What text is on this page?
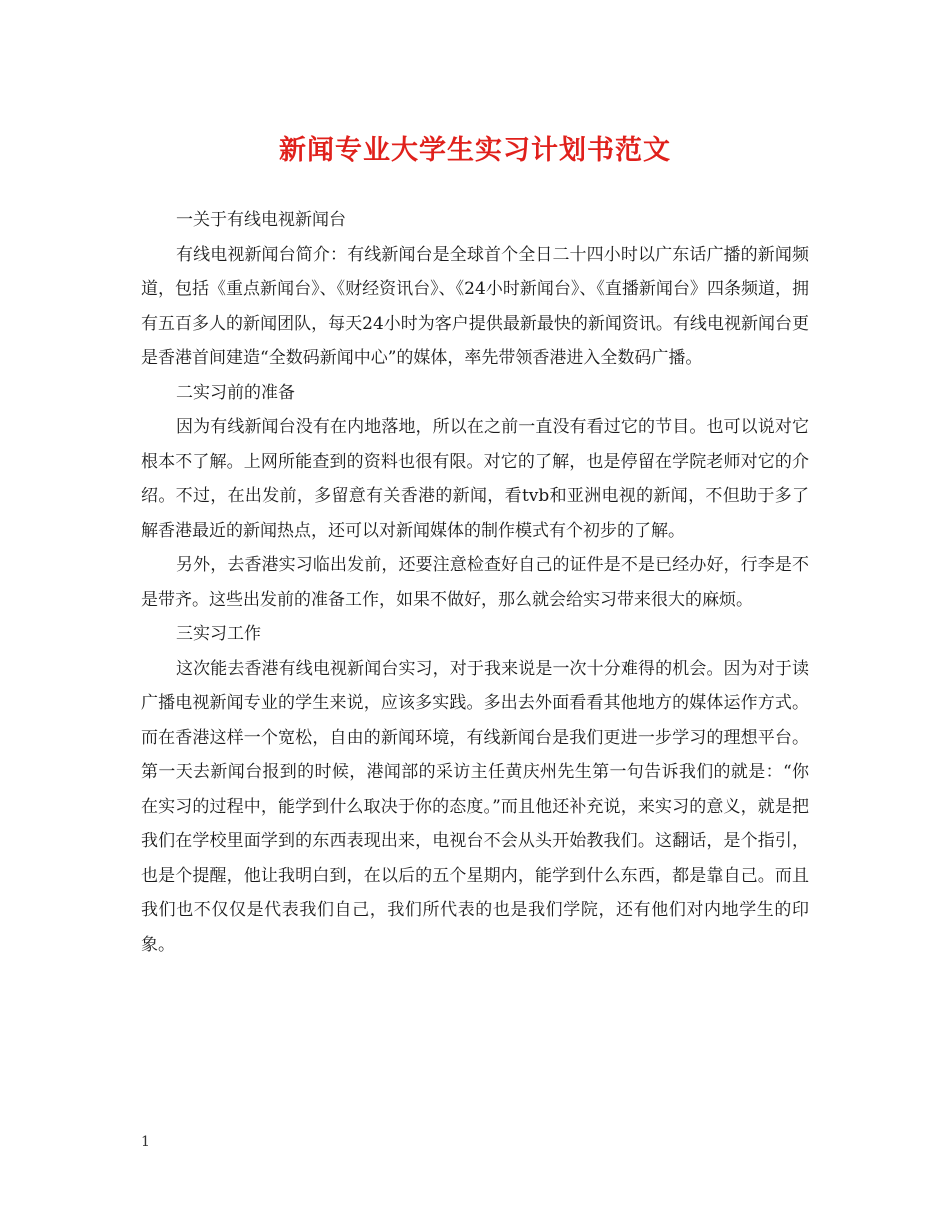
新闻专业大学生实习计划书范文

一关于有线电视新闻台

有线电视新闻台简介：有线新闻台是全球首个全日二十四小时以广东话广播的新闻频道，包括《重点新闻台》、《财经资讯台》、《24小时新闻台》、《直播新闻台》四条频道，拥有五百多人的新闻团队，每天24小时为客户提供最新最快的新闻资讯。有线电视新闻台更是香港首间建造“全数码新闻中心”的媒体，率先带领香港进入全数码广播。

二实习前的准备

因为有线新闻台没有在内地落地，所以在之前一直没有看过它的节目。也可以说对它根本不了解。上网所能查到的资料也很有限。对它的了解，也是停留在学院老师对它的介绍。不过，在出发前，多留意有关香港的新闻，看tvb和亚洲电视的新闻，不但助于多了解香港最近的新闻热点，还可以对新闻媒体的制作模式有个初步的了解。

另外，去香港实习临出发前，还要注意检查好自己的证件是不是已经办好，行李是不是带齐。这些出发前的准备工作，如果不做好，那么就会给实习带来很大的麻烦。

三实习工作

这次能去香港有线电视新闻台实习，对于我来说是一次十分难得的机会。因为对于读广播电视新闻专业的学生来说，应该多实践。多出去外面看看其他地方的媒体运作方式。而在香港这样一个宽松，自由的新闻环境，有线新闻台是我们更进一步学习的理想平台。第一天去新闻台报到的时候，港闻部的采访主任黄庆州先生第一句告诉我们的就是：“你在实习的过程中，能学到什么取决于你的态度。”而且他还补充说，来实习的意义，就是把我们在学校里面学到的东西表现出来，电视台不会从头开始教我们。这翻话，是个指引，也是个提醒，他让我明白到，在以后的五个星期内，能学到什么东西，都是靠自己。而且我们也不仅仅是代表我们自己，我们所代表的也是我们学院，还有他们对内地学生的印象。

1
